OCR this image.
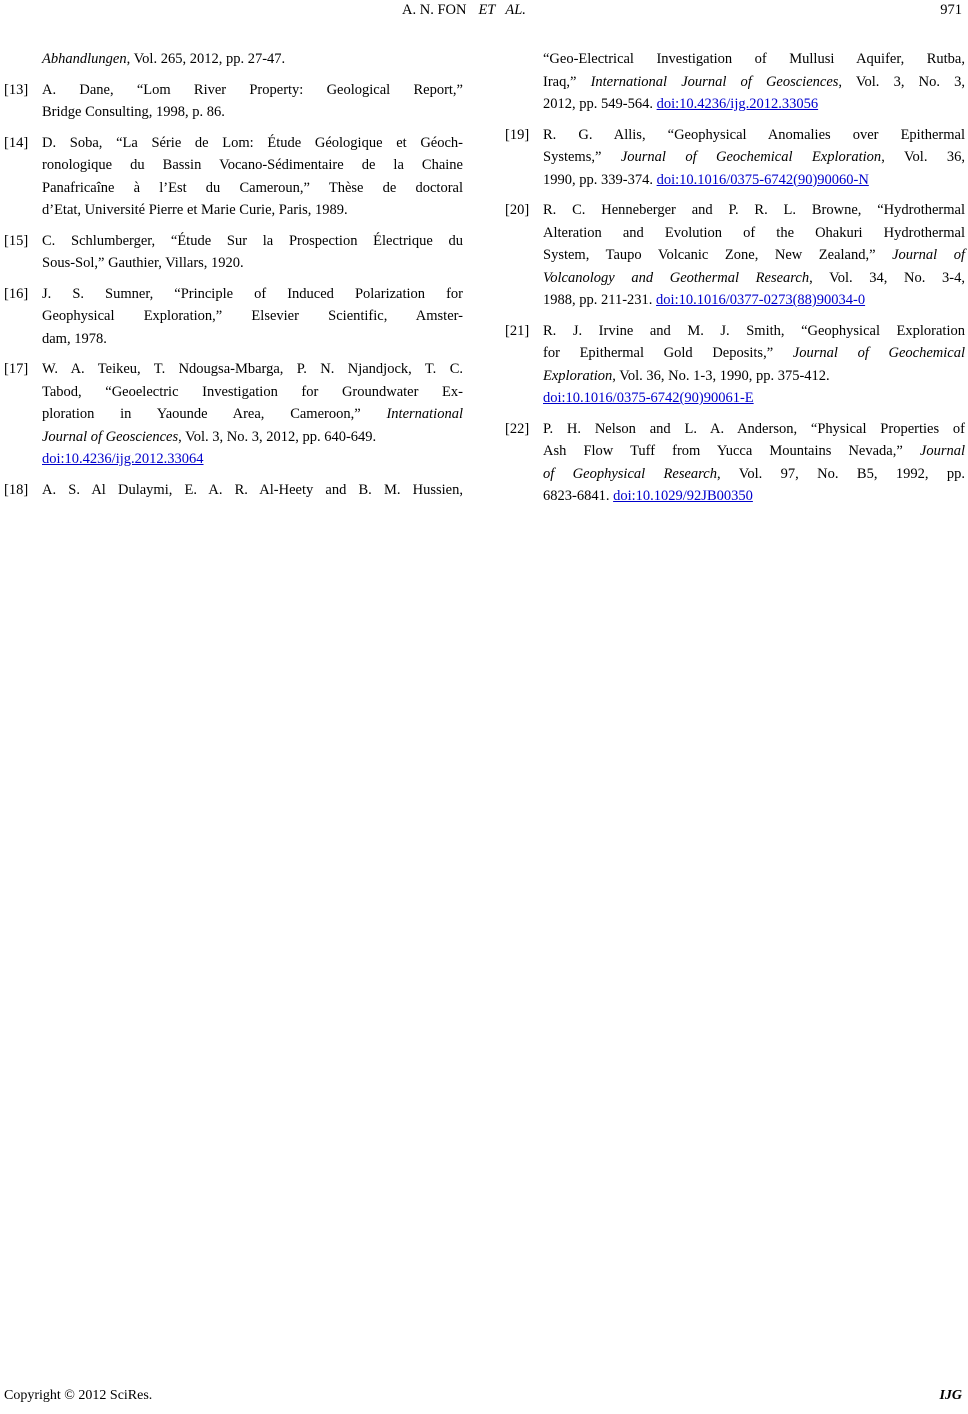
A. N. FON ET AL.	971
Abhandlungen, Vol. 265, 2012, pp. 27-47.
[13] A. Dane, “Lom River Property: Geological Report,”
Bridge Consulting, 1998, p. 86.
[14] D. Soba, “La Série de Lom: Étude Géologique et Géoch-
ronologique du Bassin Vocano-Sédimentaire de la Chaine
Panafricaîne à l’Est du Cameroun,” Thèse de doctoral
d’Etat, Université Pierre et Marie Curie, Paris, 1989.
[15] C. Schlumberger, “Étude Sur la Prospection Électrique du
Sous-Sol,” Gauthier, Villars, 1920.
[16] J. S. Sumner, “Principle of Induced Polarization for
Geophysical Exploration,” Elsevier Scientific, Amster-
dam, 1978.
[17] W. A. Teikeu, T. Ndougsa-Mbarga, P. N. Njandjock, T. C.
Tabod, “Geoelectric Investigation for Groundwater Ex-
ploration in Yaounde Area, Cameroon,” International
Journal of Geosciences, Vol. 3, No. 3, 2012, pp. 640-649.
doi:10.4236/ijg.2012.33064
[18] A. S. Al Dulaymi, E. A. R. Al-Heety and B. M. Hussien,
“Geo-Electrical Investigation of Mullusi Aquifer, Rutba,
Iraq,” International Journal of Geosciences, Vol. 3, No. 3,
2012, pp. 549-564. doi:10.4236/ijg.2012.33056
[19] R. G. Allis, “Geophysical Anomalies over Epithermal
Systems,” Journal of Geochemical Exploration, Vol. 36,
1990, pp. 339-374. doi:10.1016/0375-6742(90)90060-N
[20] R. C. Henneberger and P. R. L. Browne, “Hydrothermal
Alteration and Evolution of the Ohakuri Hydrothermal
System, Taupo Volcanic Zone, New Zealand,” Journal of
Volcanology and Geothermal Research, Vol. 34, No. 3-4,
1988, pp. 211-231. doi:10.1016/0377-0273(88)90034-0
[21] R. J. Irvine and M. J. Smith, “Geophysical Exploration
for Epithermal Gold Deposits,” Journal of Geochemical
Exploration, Vol. 36, No. 1-3, 1990, pp. 375-412.
doi:10.1016/0375-6742(90)90061-E
[22] P. H. Nelson and L. A. Anderson, “Physical Properties of
Ash Flow Tuff from Yucca Mountains Nevada,” Journal
of Geophysical Research, Vol. 97, No. B5, 1992, pp.
6823-6841. doi:10.1029/92JB00350
Copyright © 2012 SciRes.	IJG
